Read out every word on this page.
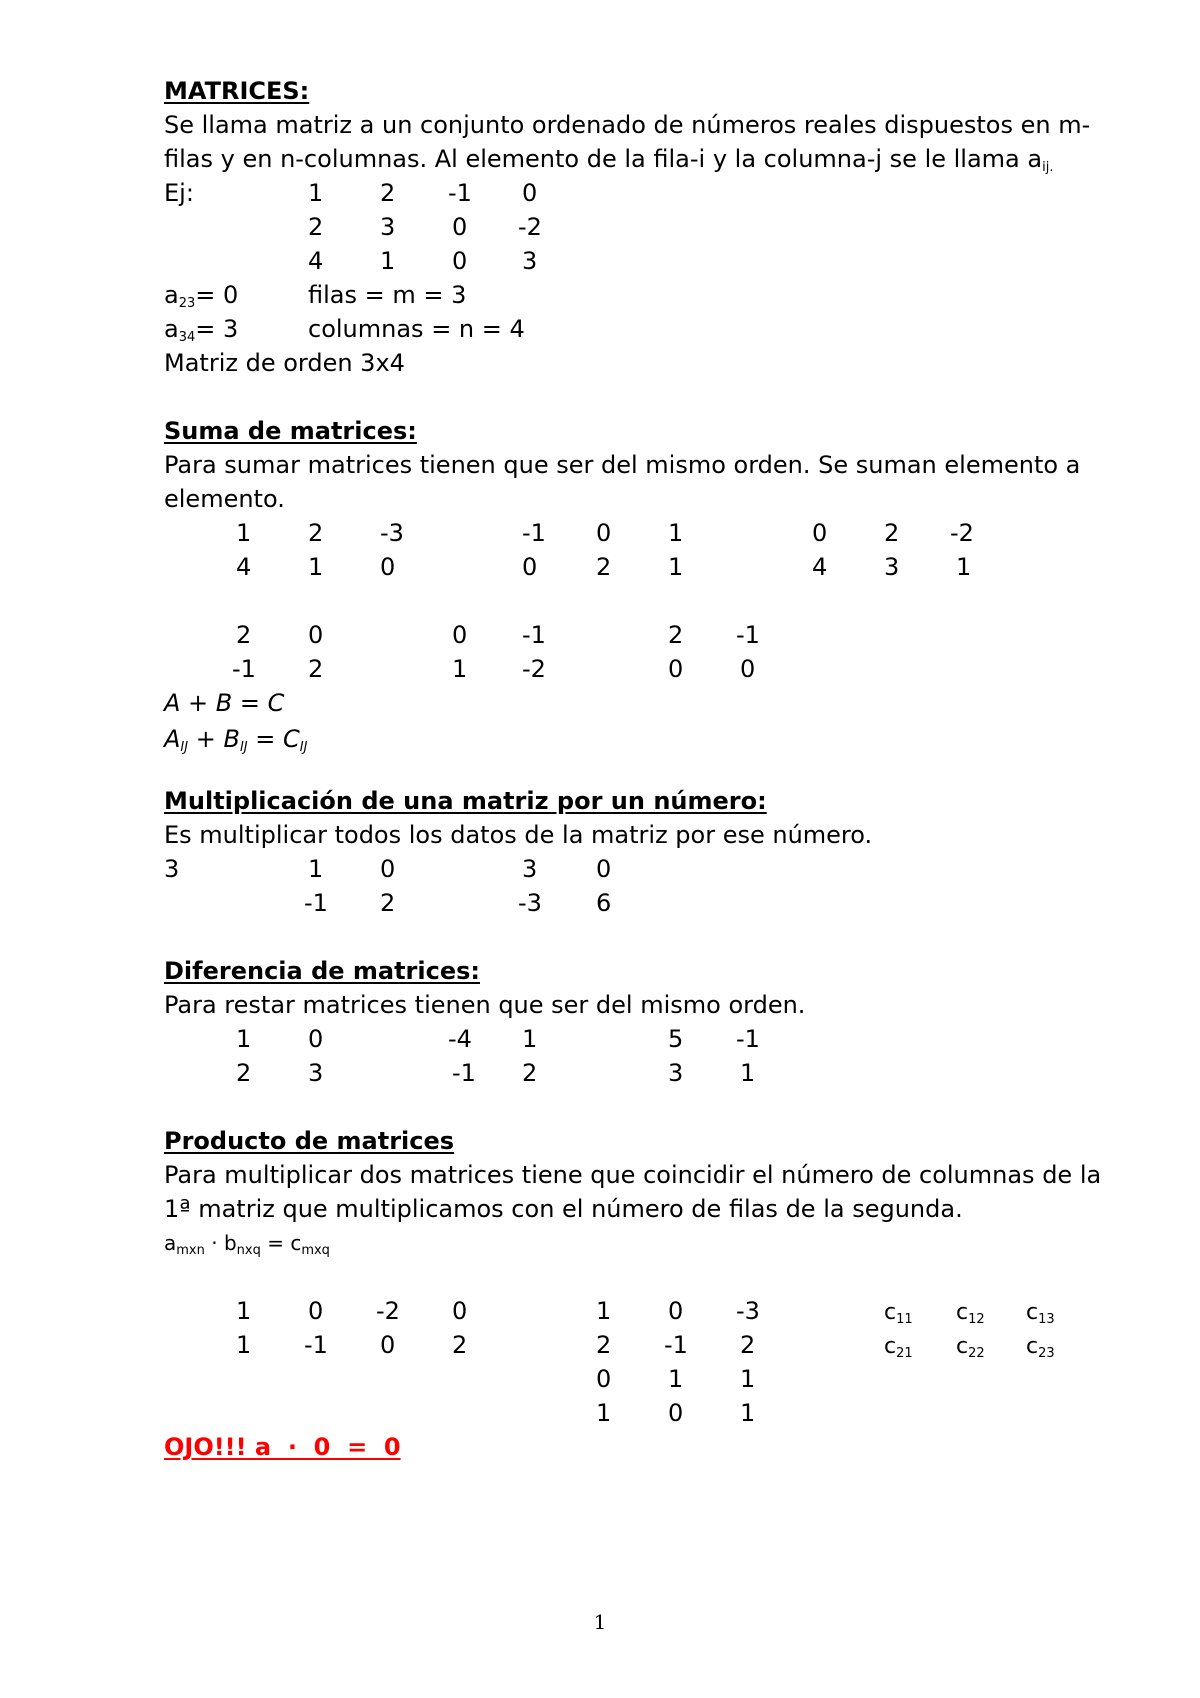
MATRICES:
Se llama matriz a un conjunto ordenado de números reales dispuestos en m-
filas y en n-columnas. Al elemento de la fila-i y la columna-j se le llama $a_{ij.}$
Ej:	1 2 -1 0
2 3 0 -2
4 1 0 3
$a_{23}= 0$	filas = m = 3
$a_{34}= 3$	columnas = n = 4
Matriz de orden 3x4
Suma de matrices:
Para sumar matrices tienen que ser del mismo orden. Se suman elemento a
elemento.
1 2 -3	-1 0 1	0 2 -2
4 1 0	0 2 1	4 3 1
2 0	0 -1	2 -1
-1 2	1 -2	0 0
A + B = C
$A_{IJ} + B_{IJ} = C_{IJ}$
Multiplicación de una matriz por un número:
Es multiplicar todos los datos de la matriz por ese número.
3	1 0	3 0
-1 2	-3 6
Diferencia de matrices:
Para restar matrices tienen que ser del mismo orden.
1 0	-4 1	5 -1
2 3	-1 2	3 1
Producto de matrices
Para multiplicar dos matrices tiene que coincidir el número de columnas de la
1ª matriz que multiplicamos con el número de filas de la segunda.
$a_{mxn} \cdot b_{nxq} = c_{mxq}$
1 0 -2 0
1 -1 0 2
1 0 -3
2 -1 2
0 1 1
1 0 1
$c_{11}$ $c_{12}$ $c_{13}$
$c_{21}$ $c_{22}$ $c_{23}$
OJO!!! a  ·  0  =  0
1
